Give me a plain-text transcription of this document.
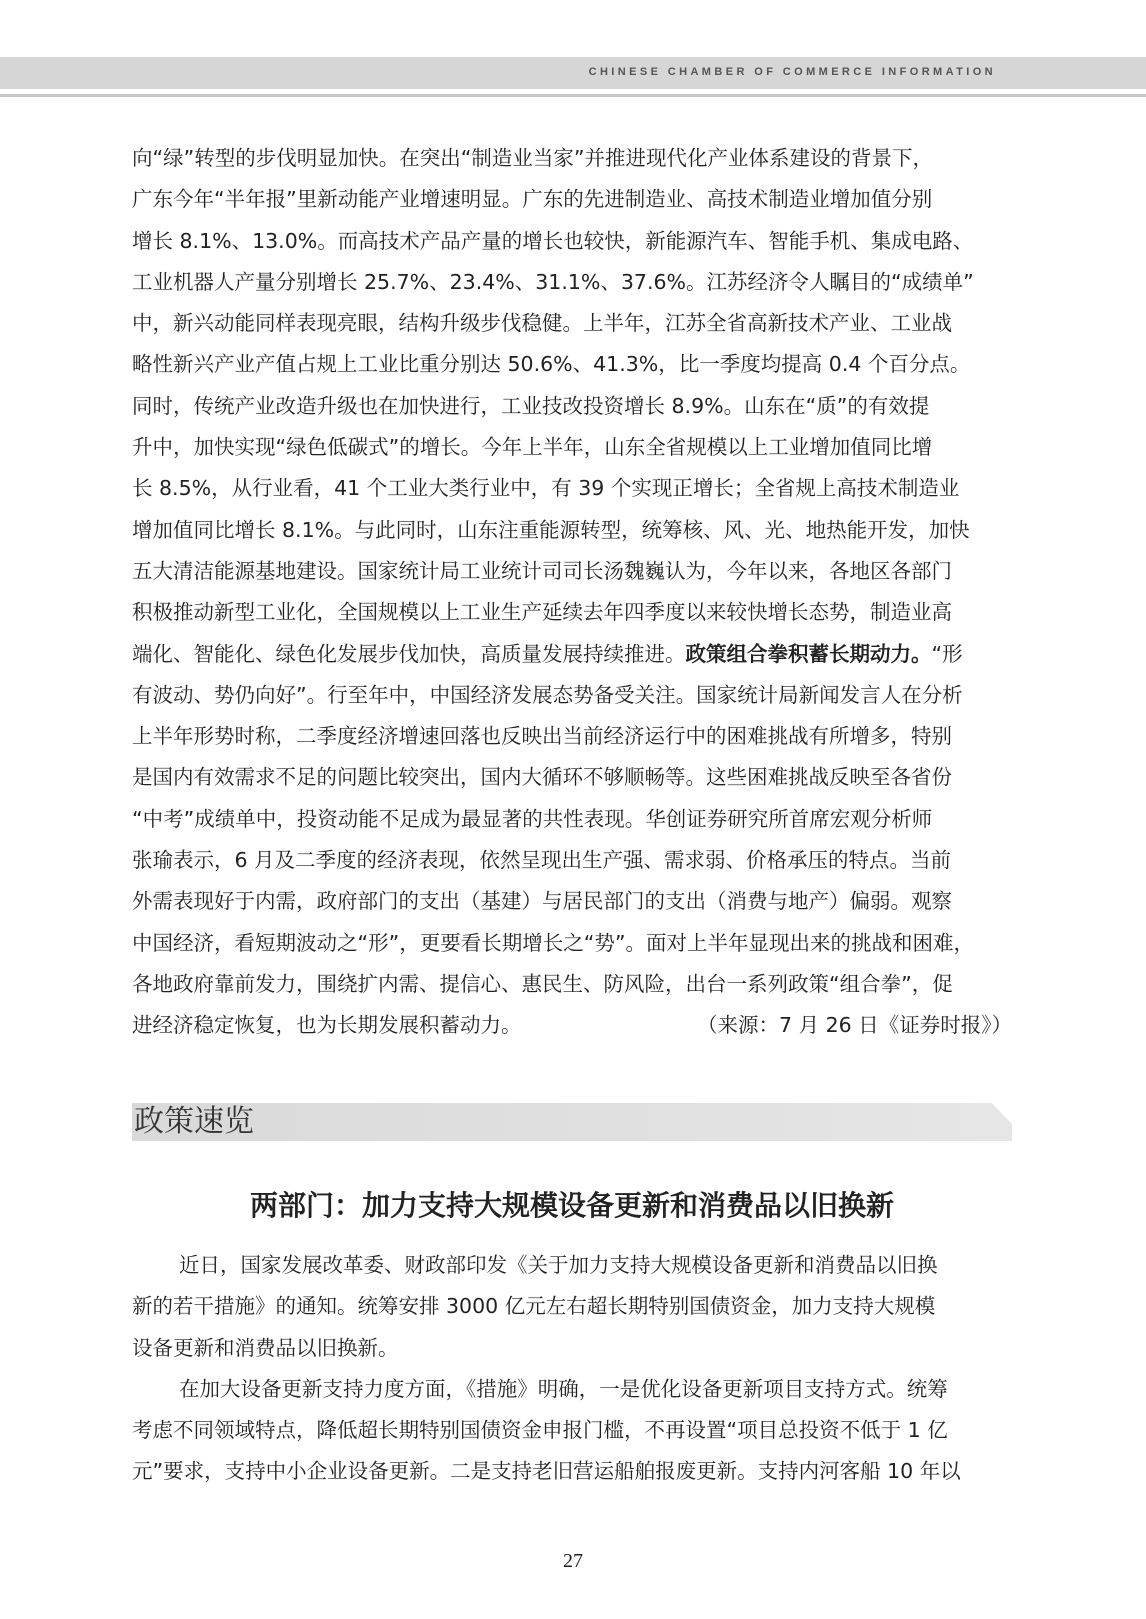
CHINESE CHAMBER OF COMMERCE INFORMATION
向“绿”转型的步伐明显加快。在突出“制造业当家”并推进现代化产业体系建设的背景下，
广东今年“半年报”里新动能产业增速明显。广东的先进制造业、高技术制造业增加值分别
增长 8.1%、13.0%。而高技术产品产量的增长也较快，新能源汽车、智能手机、集成电路、
工业机器人产量分别增长 25.7%、23.4%、31.1%、37.6%。江苏经济令人瞩目的“成绩单”
中，新兴动能同样表现亮眼，结构升级步伐稳健。上半年，江苏全省高新技术产业、工业战
略性新兴产业产值占规上工业比重分别达 50.6%、41.3%，比一季度均提高 0.4 个百分点。
同时，传统产业改造升级也在加快进行，工业技改投资增长 8.9%。山东在“质”的有效提
升中，加快实现“绿色低碳式”的增长。今年上半年，山东全省规模以上工业增加值同比增
长 8.5%，从行业看，41 个工业大类行业中，有 39 个实现正增长；全省规上高技术制造业
增加值同比增长 8.1%。与此同时，山东注重能源转型，统筹核、风、光、地热能开发，加快
五大清洁能源基地建设。国家统计局工业统计司司长汤魏巍认为，今年以来，各地区各部门
积极推动新型工业化，全国规模以上工业生产延续去年四季度以来较快增长态势，制造业高
端化、智能化、绿色化发展步伐加快，高质量发展持续推进。政策组合拳积蓄长期动力。“形
有波动、势仍向好”。行至年中，中国经济发展态势备受关注。国家统计局新闻发言人在分析
上半年形势时称，二季度经济增速回落也反映出当前经济运行中的困难挑战有所增多，特别
是国内有效需求不足的问题比较突出，国内大循环不够顺畅等。这些困难挑战反映至各省份
“中考”成绩单中，投资动能不足成为最显著的共性表现。华创证券研究所首席宏观分析师
张瑜表示，6 月及二季度的经济表现，依然呈现出生产强、需求弱、价格承压的特点。当前
外需表现好于内需，政府部门的支出（基建）与居民部门的支出（消费与地产）偏弱。观察
中国经济，看短期波动之“形”，更要看长期增长之“势”。面对上半年显现出来的挑战和困难，
各地政府靠前发力，围绕扩内需、提信心、惠民生、防风险，出台一系列政策“组合拳”，促
进经济稳定恢复，也为长期发展积蓄动力。	（来源：7 月 26 日《证券时报》）
政策速览
两部门：加力支持大规模设备更新和消费品以旧换新
近日，国家发展改革委、财政部印发《关于加力支持大规模设备更新和消费品以旧换
新的若干措施》的通知。统筹安排 3000 亿元左右超长期特别国债资金，加力支持大规模
设备更新和消费品以旧换新。
在加大设备更新支持力度方面，《措施》明确，一是优化设备更新项目支持方式。统筹
考虑不同领域特点，降低超长期特别国债资金申报门槛，不再设置“项目总投资不低于 1 亿
元”要求，支持中小企业设备更新。二是支持老旧营运船舶报废更新。支持内河客船 10 年以
27
